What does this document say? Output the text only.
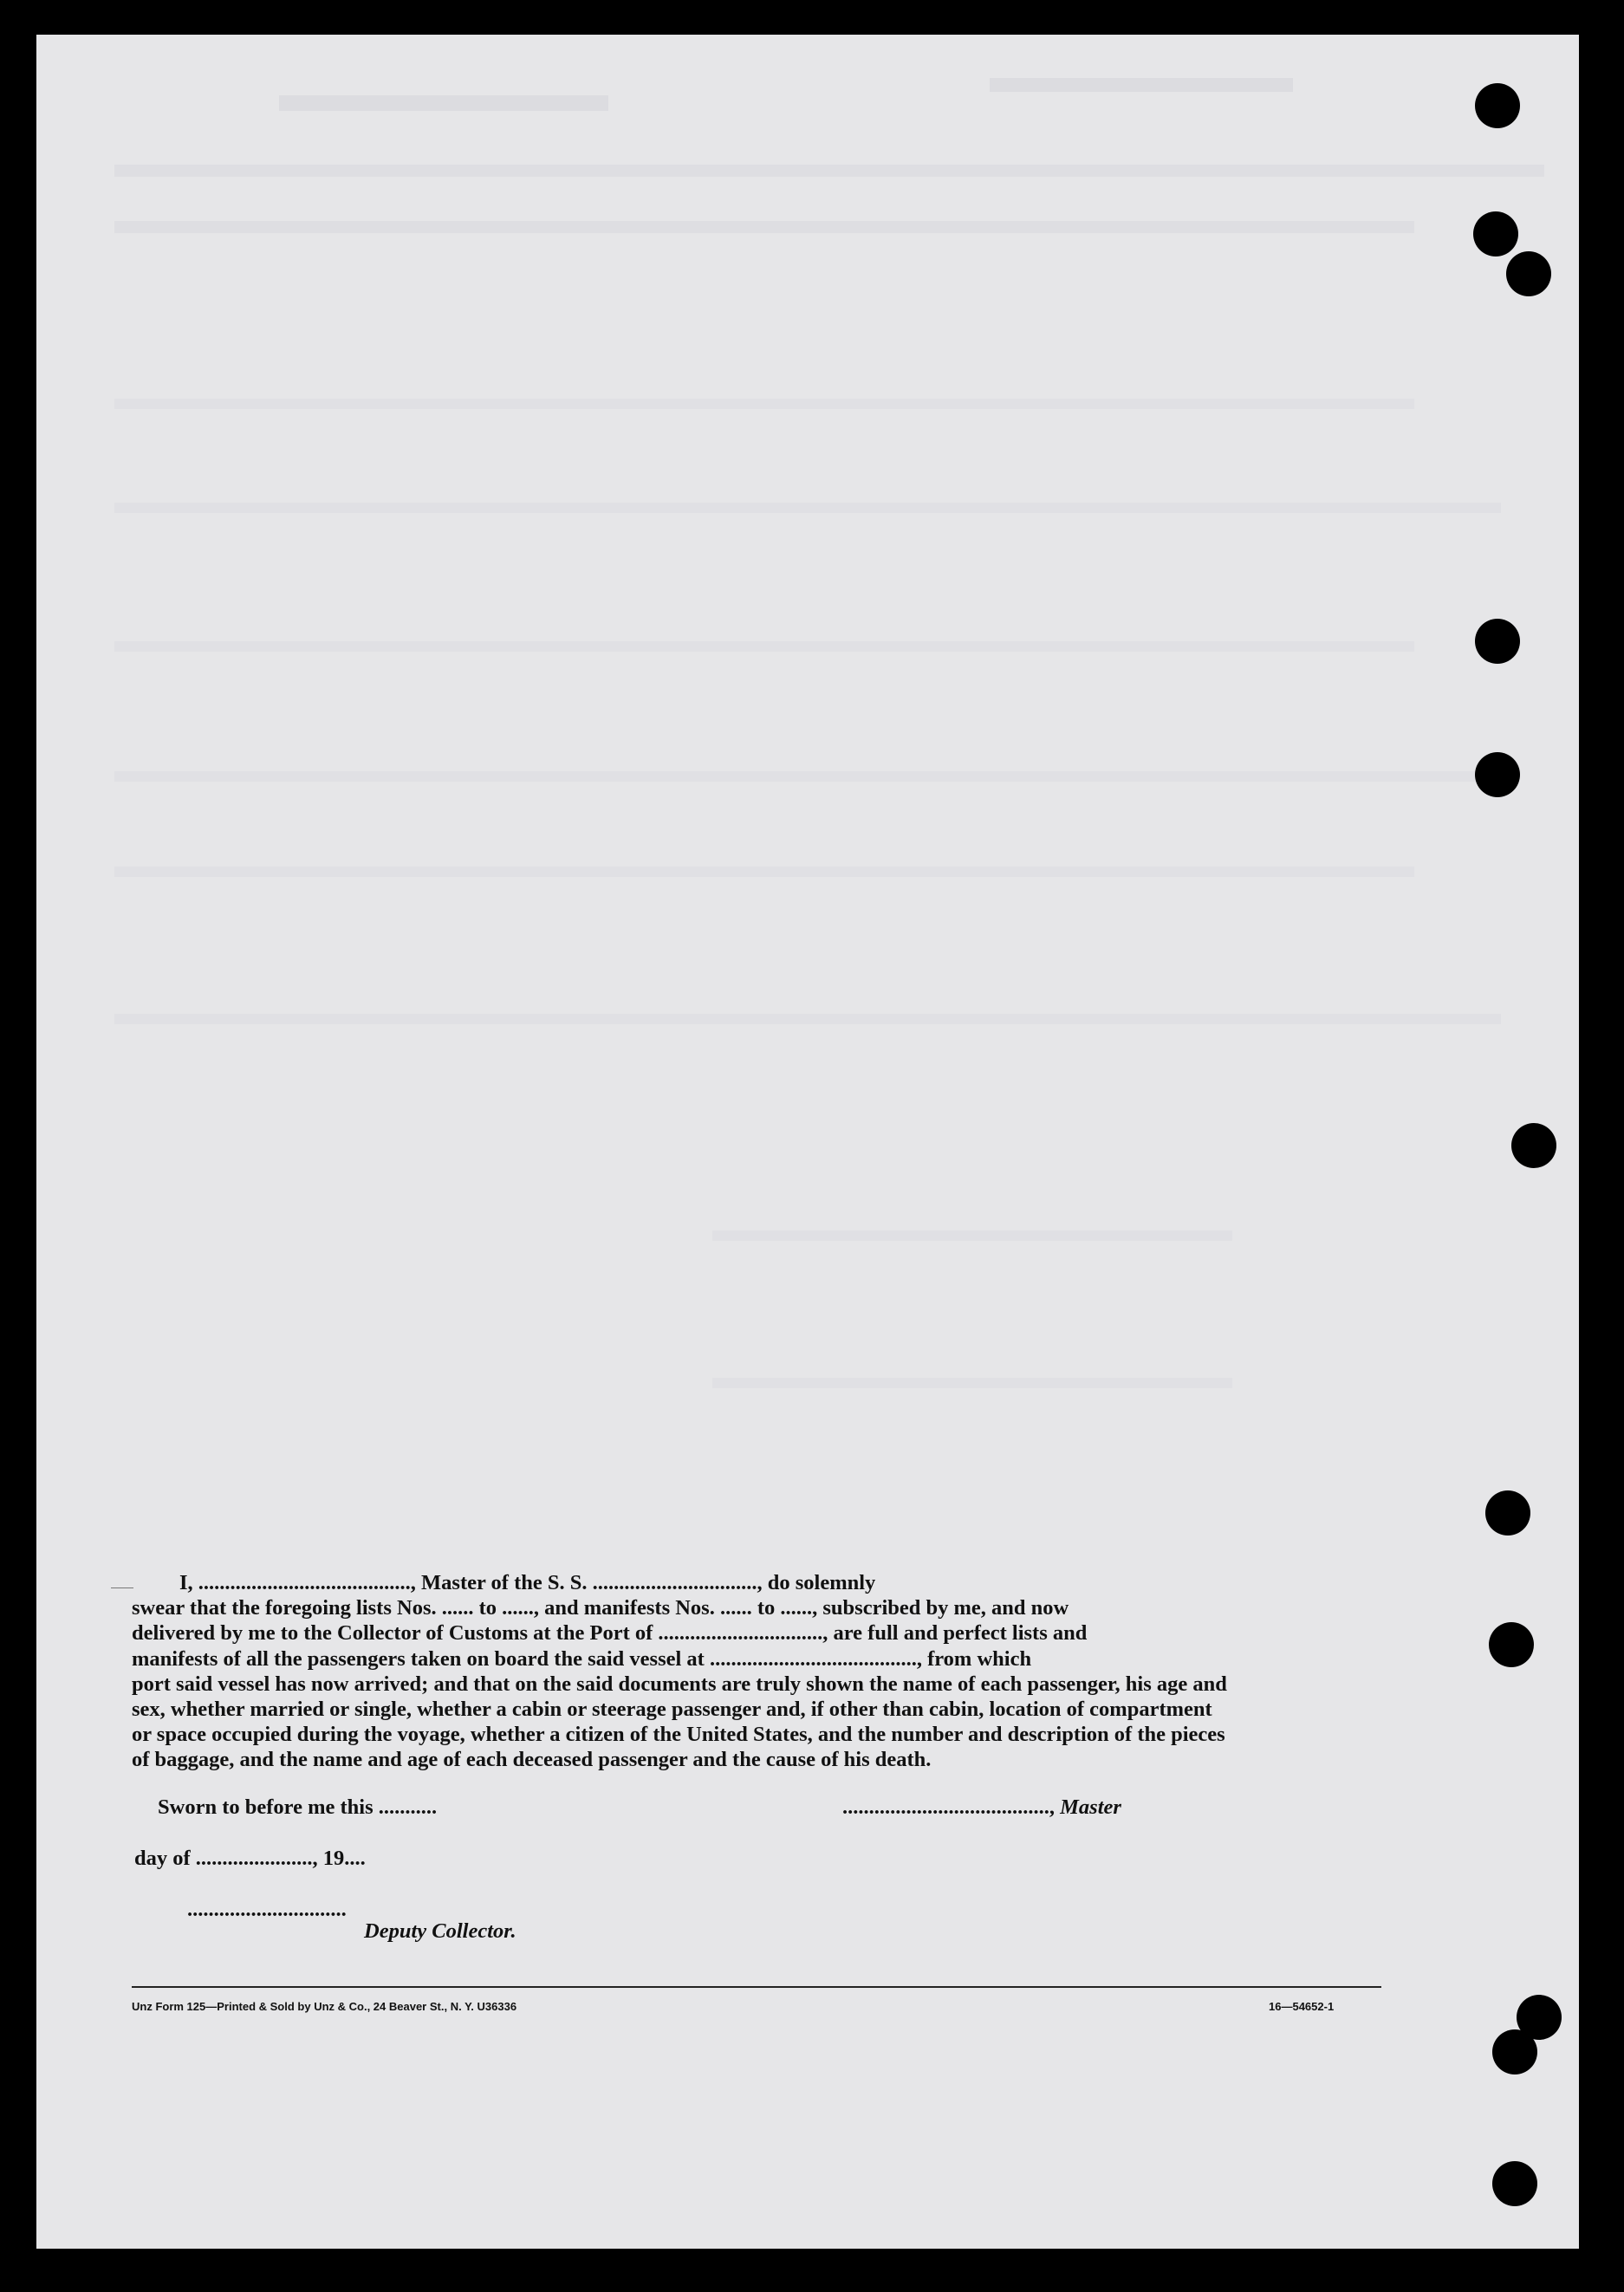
I, ........................................, Master of the S. S. ..............................., do solemnly

swear that the foregoing lists Nos. ...... to ......, and manifests Nos. ...... to ......, subscribed by me, and now

delivered by me to the Collector of Customs at the Port of ..............................., are full and perfect lists and

manifests of all the passengers taken on board the said vessel at ......................................., from which

port said vessel has now arrived; and that on the said documents are truly shown the name of each passenger, his age and

sex, whether married or single, whether a cabin or steerage passenger and, if other than cabin, location of compartment

or space occupied during the voyage, whether a citizen of the United States, and the number and description of the pieces

of baggage, and the name and age of each deceased passenger and the cause of his death.

Sworn to before me this ...........	......................................., Master
day of ......................, 19....
..............................
Deputy Collector.
Unz Form 125—Printed & Sold by Unz & Co., 24 Beaver St., N. Y. U36336	16—54652-1
